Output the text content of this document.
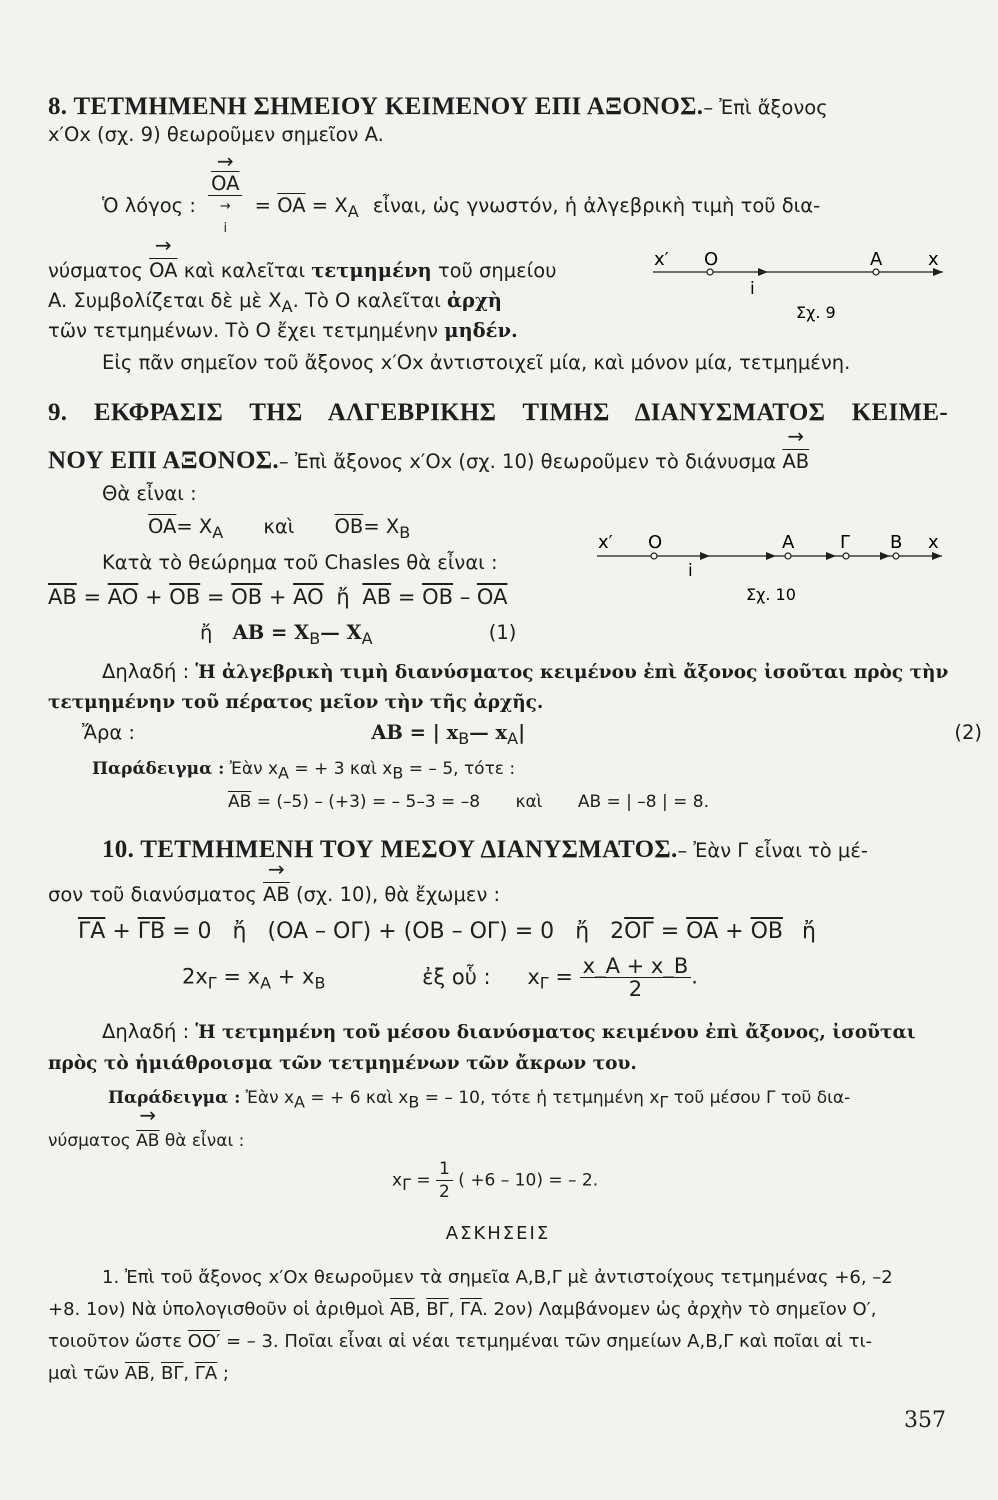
8. ΤΕΤΜΗΜΕΝΗ ΣΗΜΕΙΟΥ ΚΕΙΜΕΝΟΥ ΕΠΙ ΑΞΟΝΟΣ.– Ἐπὶ ἄξονος
x′Ox (σχ. 9) θεωροῦμεν σημεῖον A.
Ὁ λόγος :
→ $\overline{OA}$
→
i
= $\overline{OA} = X_A$ εἶναι, ὡς γνωστόν, ἡ ἀλγεβρικὴ τιμὴ τοῦ δια-
$\nu ύ\sigma\mu\alpha\tau o\varsigma \to \overline{OA}$ καὶ καλεῖται τετμημένη τοῦ σημείου
A. Συμβολίζεται δὲ μὲ $X_A$. Τὸ O καλεῖται ἀρχὴ
τῶν τετμημένων. Τὸ O ἔχει τετμημένην μηδέν.
Εἰς πᾶν σημεῖον τοῦ ἄξονος x′Ox ἀντιστοιχεῖ μία, καὶ μόνον μία, τετμημένη.
x′ O	A	x
i
Σχ. 9
9. ΕΚΦΡΑΣΙΣ ΤΗΣ ΑΛΓΕΒΡΙΚΗΣ ΤΙΜΗΣ ΔΙΑΝΥΣΜΑΤΟΣ ΚΕΙΜΕ-
ΝΟΥ ΕΠΙ ΑΞΟΝΟΣ.– Ἐπὶ ἄξονος x′Ox (σχ. 10) θεωροῦμεν τὸ $\delta\iota ά\nu\upsilon\sigma\mu\alpha \to \overline{AB}$
Θὰ εἶναι :
$\overline{OA}= X_A$ καὶ $\overline{OB}= X_B$
Κατὰ τὸ θεώρημα τοῦ Chasles θὰ εἶναι :
$\overline{AB} = \overline{AO} + \overline{OB} = \overline{OB} + \overline{AO}$ ἤ $\overline{AB} = \overline{OB} - \overline{OA}$
ἤ AB = $X_B—$ $X_A$	(1)
Δηλαδή : Ἡ ἀλγεβρικὴ τιμὴ διανύσματος κειμένου ἐπὶ ἄξονος ἰσοῦται πρὸς τὴν
τετμημένην τοῦ πέρατος μεῖον τὴν τῆς ἀρχῆς.
Ἄρα :	AB = | $x_B—$ $x_A|$	(2)
Παράδειγμα : Ἐὰν $x_A$ = + 3 καὶ $x_B$ = – 5, τότε :
$\overline{AB} = (-5) - (+3)$ = – 5–3 = –8 καὶ AB = | –8 | = 8.
x′ O	A	Γ B x
i
Σχ. 10
10. ΤΕΤΜΗΜΕΝΗ ΤΟΥ ΜΕΣΟΥ ΔΙΑΝΥΣΜΑΤΟΣ.– Ἐὰν Γ εἶναι τὸ μέ-
σον τοῦ $\delta\iota\alpha\nu ύ\sigma\mu\alpha\tau o\varsigma \to \overline{AB}$ (σχ. 10), θὰ ἔχωμεν :
$\overline{\Gamma A} + \overline{\Gamma B} = 0$ ἤ (OA – OΓ) + (OB – OΓ) = 0 ἤ $2\overline{O\Gamma} = \overline{OA} + \overline{OB}$ ἤ
$2x_\Gamma = x_A + x_B$	ἐξ οὗ : $x_\Gamma = \frac{x\_A + x\_B}{2}$ .
Δηλαδή : Ἡ τετμημένη τοῦ μέσου διανύσματος κειμένου ἐπὶ ἄξονος, ἰσοῦται
πρὸς τὸ ἡμιάθροισμα τῶν τετμημένων τῶν ἄκρων του.
Παράδειγμα : Ἐὰν $x_A$ = + 6 καὶ $x_B$ = – 10, τότε ἡ τετμημένη $x_\Gamma$ τοῦ μέσου Γ τοῦ δια-
$\nu ύ\sigma\mu\alpha\tau o\varsigma \to \overline{AB}$ θὰ εἶναι :
$x_\Gamma = \frac{1}{2}$ ( +6 – 10) = – 2.
ΑΣΚΗΣΕΙΣ
1. Ἐπὶ τοῦ ἄξονος x′Ox θεωροῦμεν τὰ σημεῖα A,B,Γ μὲ ἀντιστοίχους τετμημένας +6, –2
+8. 1ον) Νὰ ὑπολογισθοῦν οἱ ἀριθμοὶ $\overline{AB}$, $\overline{B\Gamma}$, $\overline{\Gamma A}$. 2ον) Λαμβάνομεν ὡς ἀρχὴν τὸ σημεῖον O′,
τοιοῦτον ὥστε OO′ = – 3. Ποῖαι εἶναι αἱ νέαι τετμημέναι τῶν σημείων A,B,Γ καὶ ποῖαι αἱ τι-
μαὶ τῶν $\overline{AB}$, $\overline{B\Gamma}$, $\overline{\Gamma A}$ ;
357
